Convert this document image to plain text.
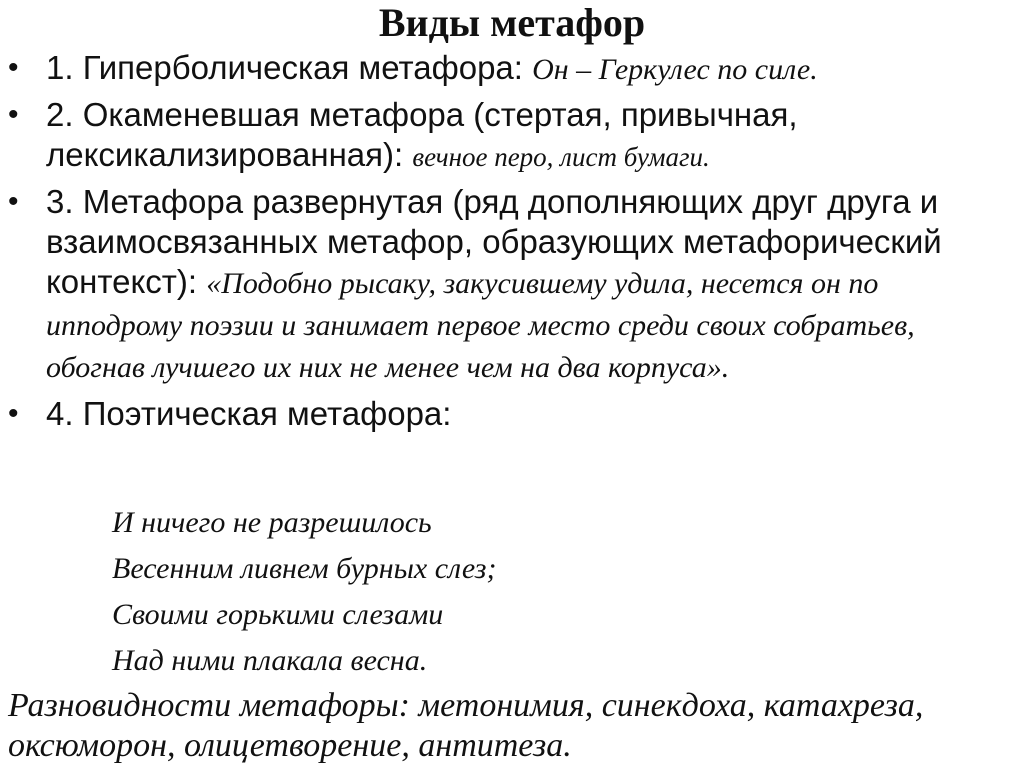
Виды метафор
• 1. Гиперболическая метафора: Он – Геркулес по силе.
• 2. Окаменевшая метафора (стертая, привычная,
лексикализированная): вечное перо, лист бумаги.
• 3. Метафора развернутая (ряд дополняющих друг друга и взаимосвязанных метафор, образующих метафорический контекст): «Подобно рысаку, закусившему удила, несется он по ипподрому поэзии и занимает первое место среди своих собратьев, обогнав лучшего их них не менее чем на два корпуса».
• 4. Поэтическая метафора:
И ничего не разрешилось
Весенним ливнем бурных слез;
Своими горькими слезами
Над ними плакала весна.
Разновидности метафоры: метонимия, синекдоха, катахреза, оксюморон, олицетворение, антитеза.
